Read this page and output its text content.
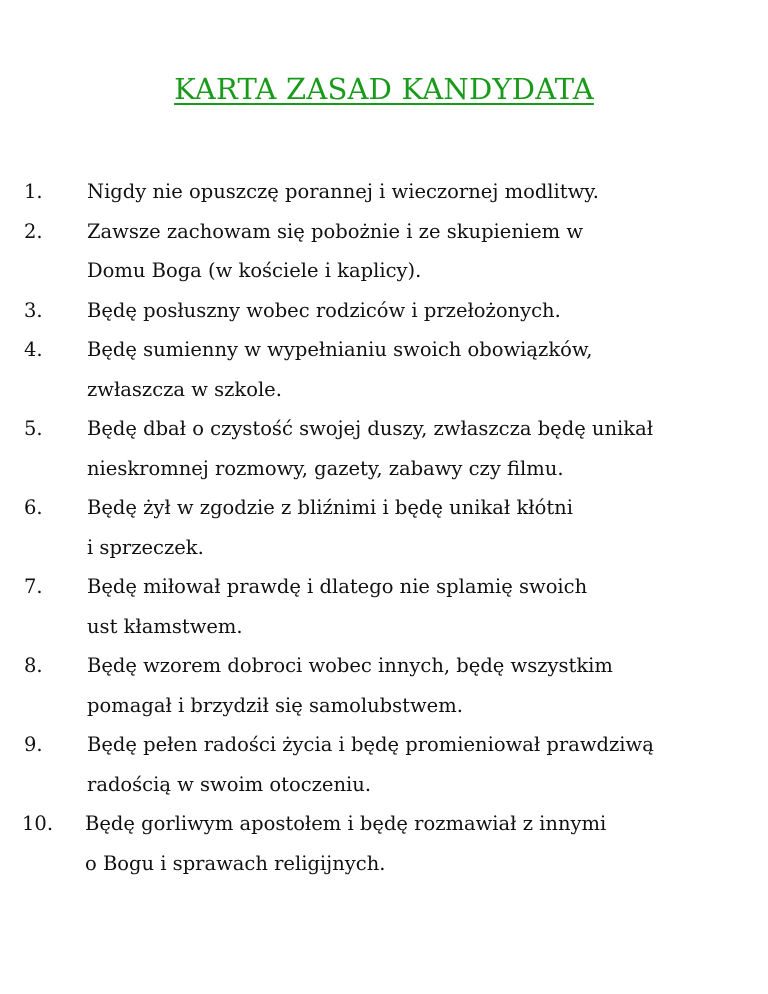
KARTA ZASAD KANDYDATA
1.	Nigdy nie opuszczę porannej i wieczornej modlitwy.
2.	Zawsze zachowam się pobożnie i ze skupieniem w
Domu Boga (w kościele i kaplicy).
3.	Będę posłuszny wobec rodziców i przełożonych.
4.	Będę sumienny w wypełnianiu swoich obowiązków,
zwłaszcza w szkole.
5.	Będę dbał o czystość swojej duszy, zwłaszcza będę unikał
nieskromnej rozmowy, gazety, zabawy czy filmu.
6.	Będę żył w zgodzie z bliźnimi i będę unikał kłótni
i sprzeczek.
7.	Będę miłował prawdę i dlatego nie splamię swoich
ust kłamstwem.
8.	Będę wzorem dobroci wobec innych, będę wszystkim
pomagał i brzydził się samolubstwem.
9.	Będę pełen radości życia i będę promieniował prawdziwą
radością w swoim otoczeniu.
10.	Będę gorliwym apostołem i będę rozmawiał z innymi
o Bogu i sprawach religijnych.
